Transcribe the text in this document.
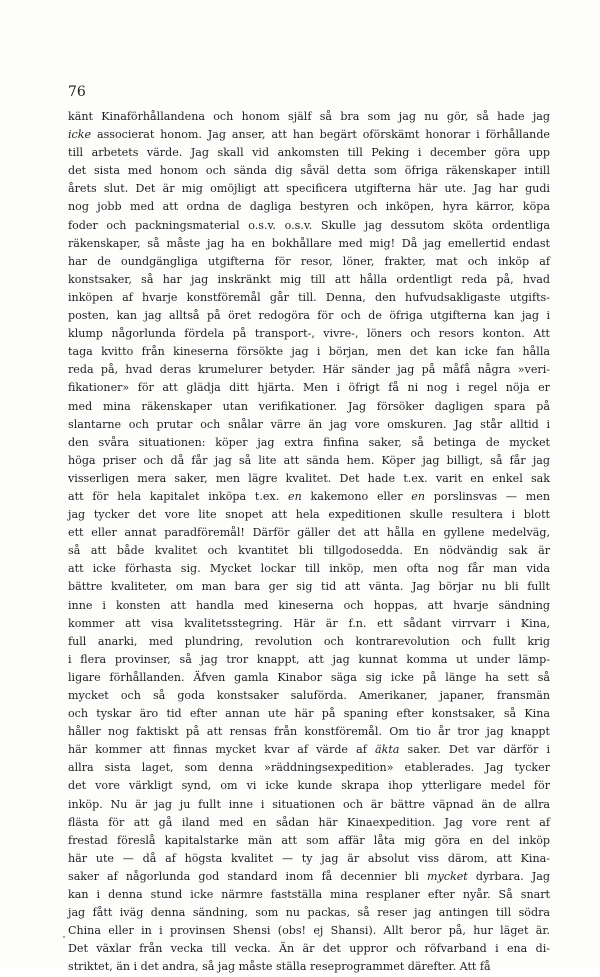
76
känt Kinaförhållandena och honom själf så bra som jag nu gör, så hade jag
icke associerat honom. Jag anser, att han begärt oförskämt honorar i förhållande
till arbetets värde. Jag skall vid ankomsten till Peking i december göra upp
det sista med honom och sända dig såväl detta som öfriga räkenskaper intill
årets slut. Det är mig omöjligt att specificera utgifterna här ute. Jag har gudi
nog jobb med att ordna de dagliga bestyren och inköpen, hyra kärror, köpa
foder och packningsmaterial o.s.v. o.s.v. Skulle jag dessutom sköta ordentliga
räkenskaper, så måste jag ha en bokhållare med mig! Då jag emellertid endast
har de oundgängliga utgifterna för resor, löner, frakter, mat och inköp af
konstsaker, så har jag inskränkt mig till att hålla ordentligt reda på, hvad
inköpen af hvarje konstföremål går till. Denna, den hufvudsakligaste utgifts-
posten, kan jag alltså på öret redogöra för och de öfriga utgifterna kan jag i
klump någorlunda fördela på transport-, vivre-, löners och resors konton. Att
taga kvitto från kineserna försökte jag i början, men det kan icke fan hålla
reda på, hvad deras krumelurer betyder. Här sänder jag på måfå några »veri-
fikationer» för att glädja ditt hjärta. Men i öfrigt få ni nog i regel nöja er
med mina räkenskaper utan verifikationer. Jag försöker dagligen spara på
slantarne och prutar och snålar värre än jag vore omskuren. Jag står alltid i
den svåra situationen: köper jag extra finfina saker, så betinga de mycket
höga priser och då får jag så lite att sända hem. Köper jag billigt, så får jag
visserligen mera saker, men lägre kvalitet. Det hade t.ex. varit en enkel sak
att för hela kapitalet inköpa t.ex. en kakemono eller en porslinsvas — men
jag tycker det vore lite snopet att hela expeditionen skulle resultera i blott
ett eller annat paradföremål! Därför gäller det att hålla en gyllene medelväg,
så att både kvalitet och kvantitet bli tillgodosedda. En nödvändig sak är
att icke förhasta sig. Mycket lockar till inköp, men ofta nog får man vida
bättre kvaliteter, om man bara ger sig tid att vänta. Jag börjar nu bli fullt
inne i konsten att handla med kineserna och hoppas, att hvarje sändning
kommer att visa kvalitetsstegring. Här är f.n. ett sådant virrvarr i Kina,
full anarki, med plundring, revolution och kontrarevolution och fullt krig
i flera provinser, så jag tror knappt, att jag kunnat komma ut under lämp-
ligare förhållanden. Äfven gamla Kinabor säga sig icke på länge ha sett så
mycket och så goda konstsaker saluförda. Amerikaner, japaner, fransmän
och tyskar äro tid efter annan ute här på spaning efter konstsaker, så Kina
håller nog faktiskt på att rensas från konstföremål. Om tio år tror jag knappt
här kommer att finnas mycket kvar af värde af äkta saker. Det var därför i
allra sista laget, som denna »räddningsexpedition» etablerades. Jag tycker
det vore värkligt synd, om vi icke kunde skrapa ihop ytterligare medel för
inköp. Nu är jag ju fullt inne i situationen och är bättre väpnad än de allra
flästa för att gå iland med en sådan här Kinaexpedition. Jag vore rent af
frestad föreslå kapitalstarke män att som affär låta mig göra en del inköp
här ute — då af högsta kvalitet — ty jag är absolut viss därom, att Kina-
saker af någorlunda god standard inom få decennier bli mycket dyrbara. Jag
kan i denna stund icke närmre fastställa mina resplaner efter nyår. Så snart
jag fått iväg denna sändning, som nu packas, så reser jag antingen till södra
China eller in i provinsen Shensi (obs! ej Shansi). Allt beror på, hur läget är.
Det växlar från vecka till vecka. Än är det uppror och röfvarband i ena di-
striktet, än i det andra, så jag måste ställa reseprogrammet därefter. Att få
